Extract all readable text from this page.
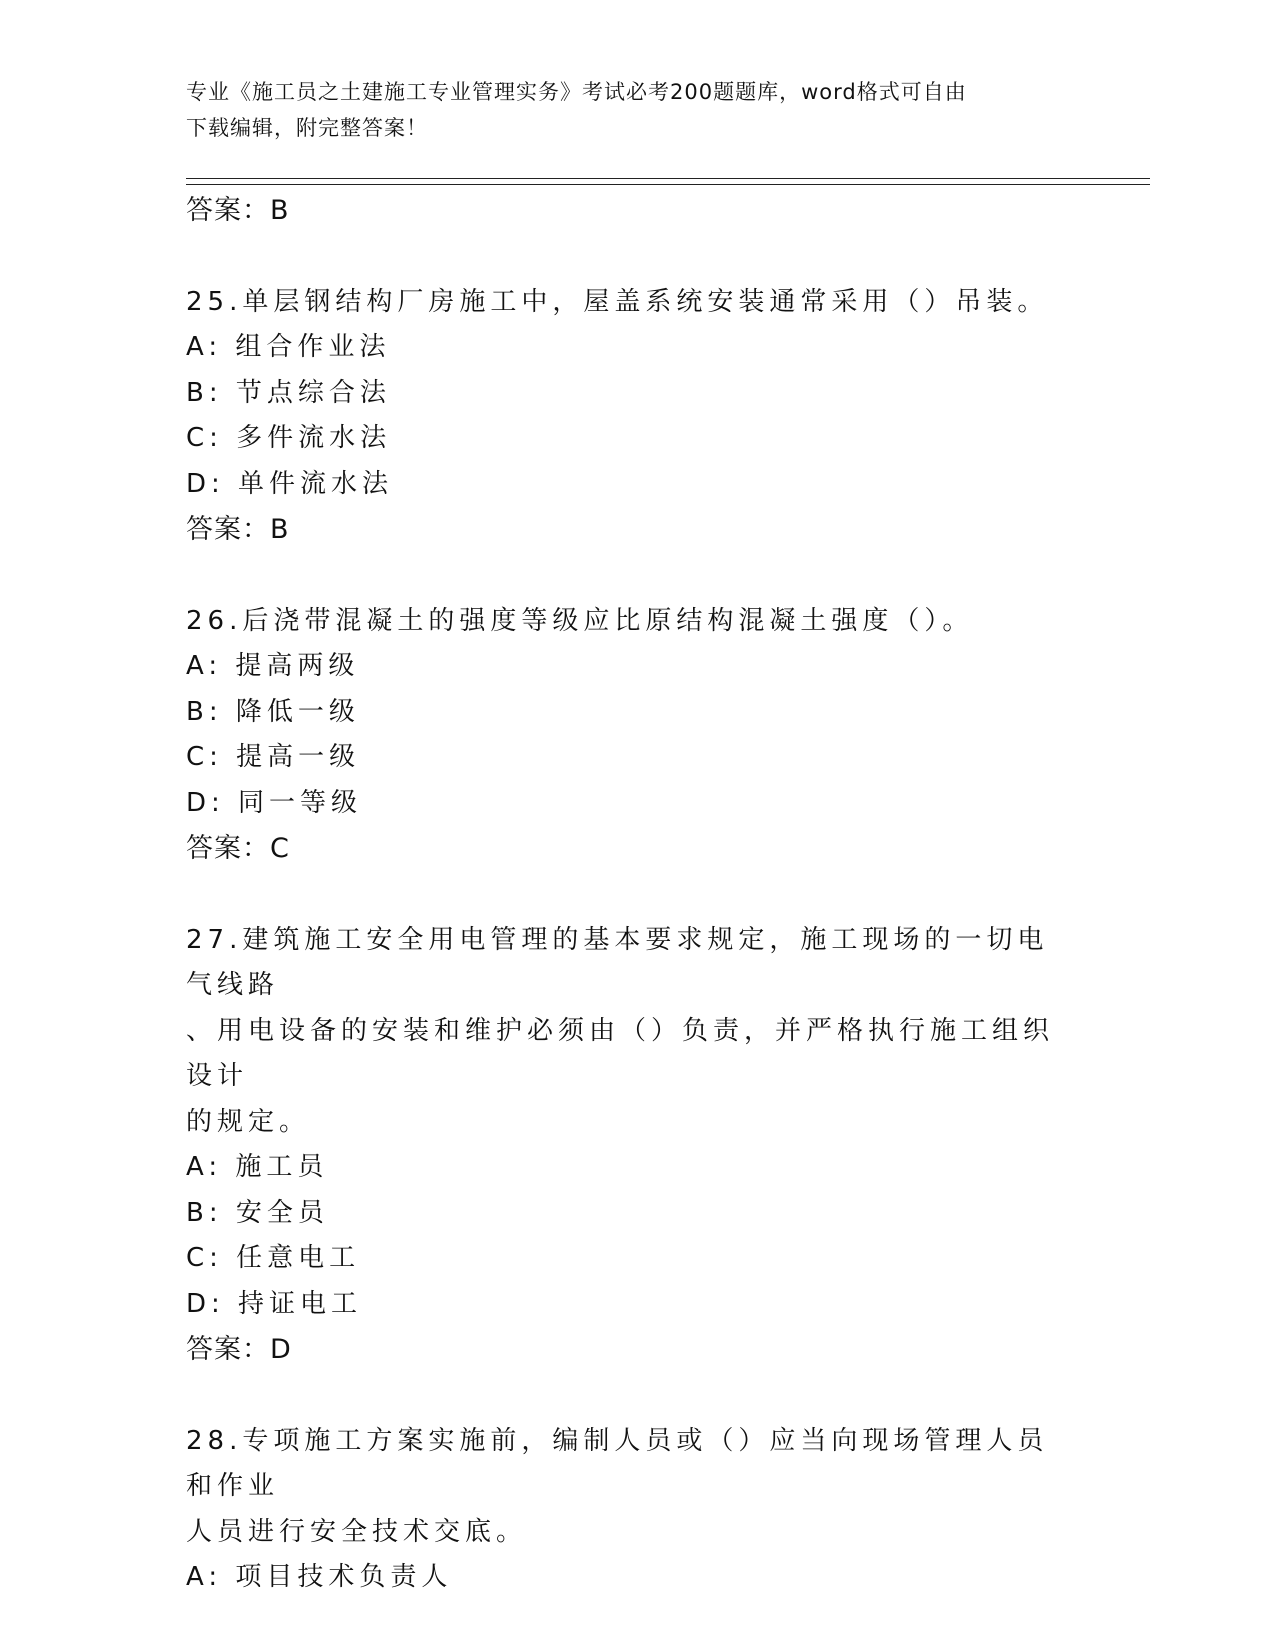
专业《施工员之土建施工专业管理实务》考试必考200题题库，word格式可自由
下载编辑，附完整答案！
答案：B
25.单层钢结构厂房施工中，屋盖系统安装通常采用（）吊装。
A: 组合作业法
B: 节点综合法
C: 多件流水法
D: 单件流水法
答案：B
26.后浇带混凝土的强度等级应比原结构混凝土强度（）。
A: 提高两级
B: 降低一级
C: 提高一级
D: 同一等级
答案：C
27.建筑施工安全用电管理的基本要求规定，施工现场的一切电气线路
、用电设备的安装和维护必须由（）负责，并严格执行施工组织设计
的规定。
A: 施工员
B: 安全员
C: 任意电工
D: 持证电工
答案：D
28.专项施工方案实施前，编制人员或（）应当向现场管理人员和作业
人员进行安全技术交底。
A: 项目技术负责人
